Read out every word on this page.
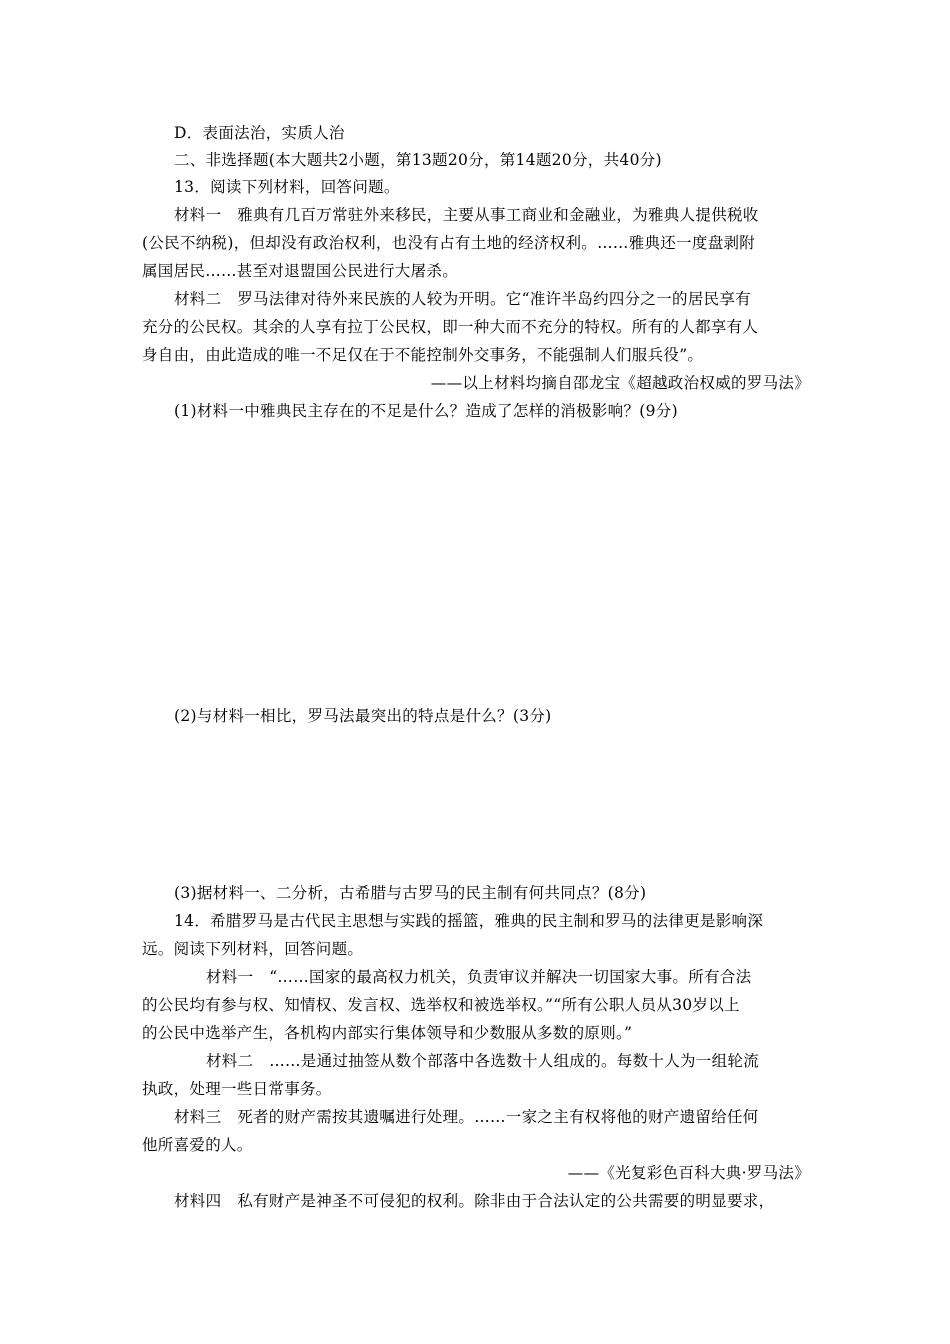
D．表面法治，实质人治
二、非选择题(本大题共2小题，第13题20分，第14题20分，共40分)
13．阅读下列材料，回答问题。
材料一　雅典有几百万常驻外来移民，主要从事工商业和金融业，为雅典人提供税收
(公民不纳税)，但却没有政治权利，也没有占有土地的经济权利。……雅典还一度盘剥附
属国居民……甚至对退盟国公民进行大屠杀。
材料二　罗马法律对待外来民族的人较为开明。它“准许半岛约四分之一的居民享有
充分的公民权。其余的人享有拉丁公民权，即一种大而不充分的特权。所有的人都享有人
身自由，由此造成的唯一不足仅在于不能控制外交事务，不能强制人们服兵役”。
——以上材料均摘自邵龙宝《超越政治权威的罗马法》
(1)材料一中雅典民主存在的不足是什么？造成了怎样的消极影响？(9分)
(2)与材料一相比，罗马法最突出的特点是什么？(3分)
(3)据材料一、二分析，古希腊与古罗马的民主制有何共同点？(8分)
14．希腊罗马是古代民主思想与实践的摇篮，雅典的民主制和罗马的法律更是影响深
远。阅读下列材料，回答问题。
材料一　“……国家的最高权力机关，负责审议并解决一切国家大事。所有合法
的公民均有参与权、知情权、发言权、选举权和被选举权。”“所有公职人员从30岁以上
的公民中选举产生，各机构内部实行集体领导和少数服从多数的原则。”
材料二　……是通过抽签从数个部落中各选数十人组成的。每数十人为一组轮流
执政，处理一些日常事务。
材料三　死者的财产需按其遗嘱进行处理。……一家之主有权将他的财产遗留给任何
他所喜爱的人。
——《光复彩色百科大典·罗马法》
材料四　私有财产是神圣不可侵犯的权利。除非由于合法认定的公共需要的明显要求，
